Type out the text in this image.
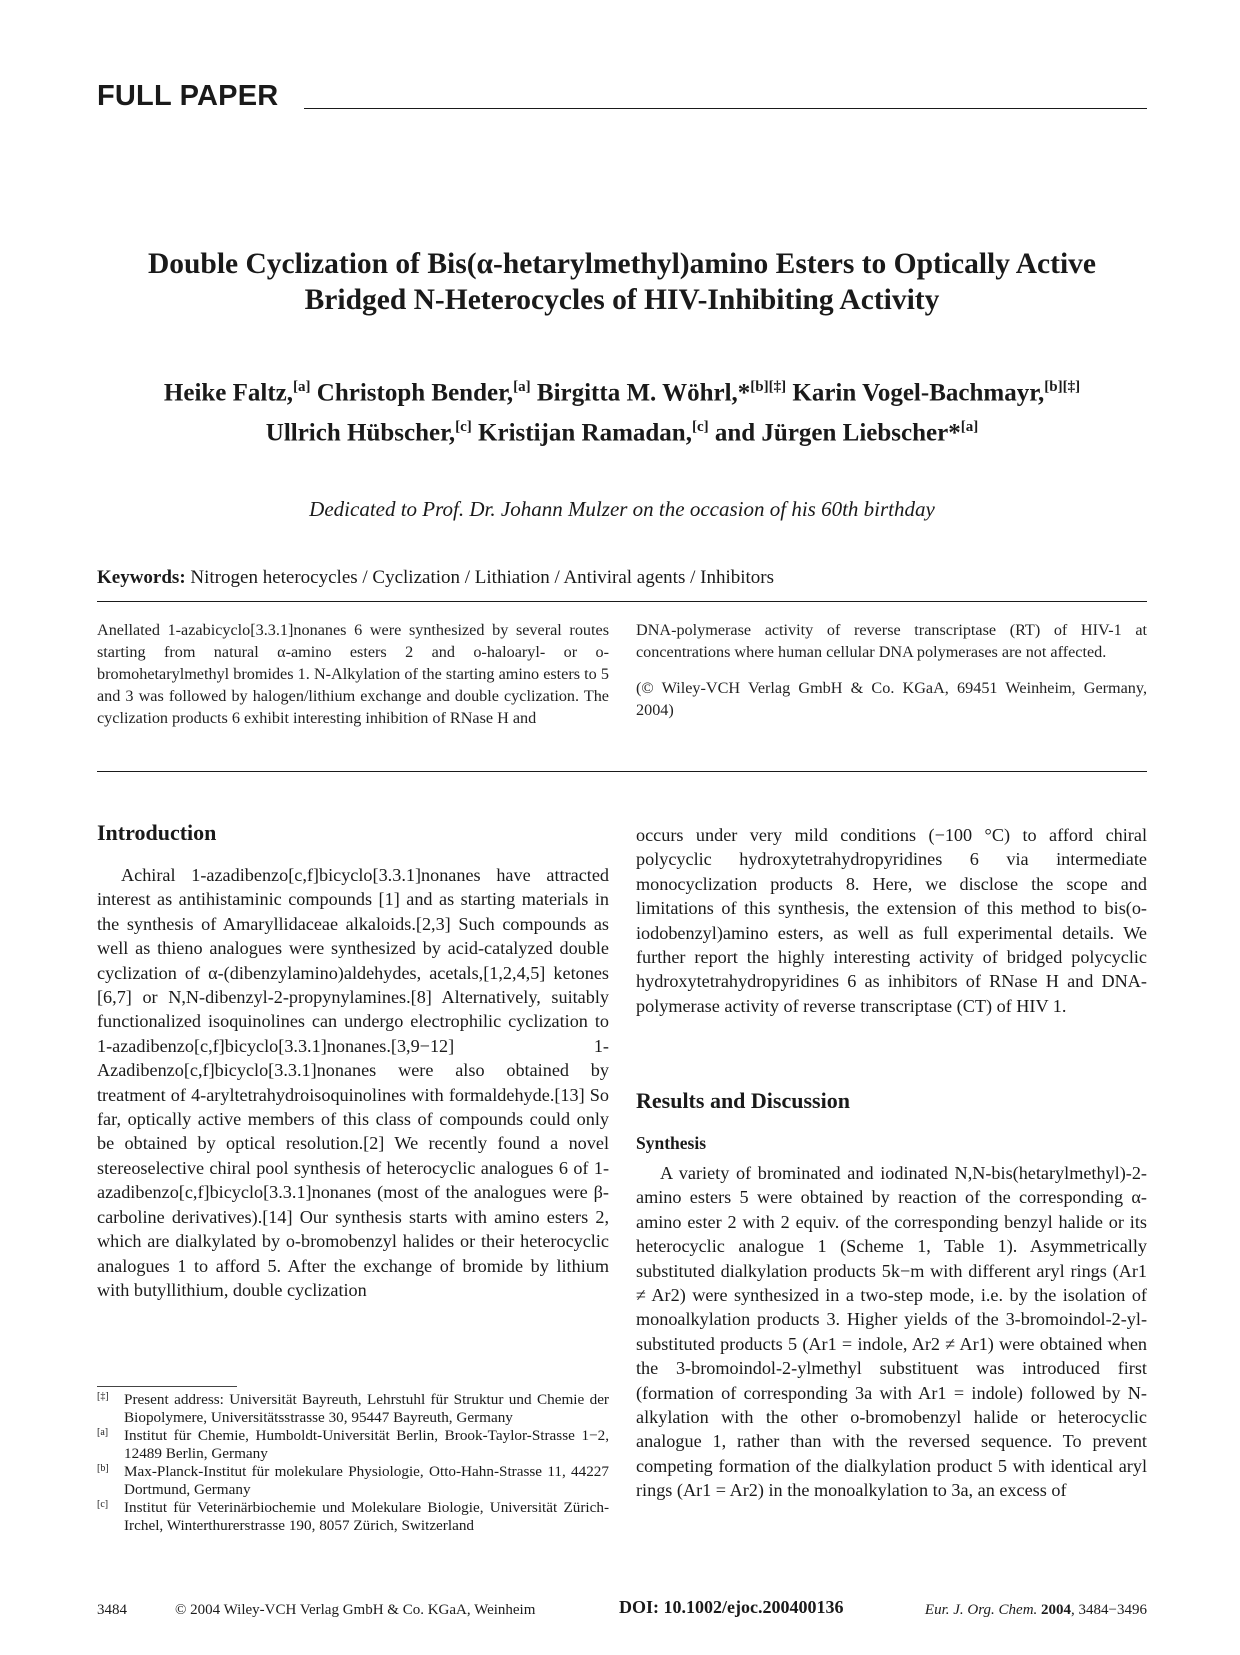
FULL PAPER
Double Cyclization of Bis(α-hetarylmethyl)amino Esters to Optically Active
Bridged N-Heterocycles of HIV-Inhibiting Activity
Heike Faltz,[a] Christoph Bender,[a] Birgitta M. Wöhrl,*[b][‡] Karin Vogel-Bachmayr,[b][‡]
Ullrich Hübscher,[c] Kristijan Ramadan,[c] and Jürgen Liebscher*[a]
Dedicated to Prof. Dr. Johann Mulzer on the occasion of his 60th birthday
Keywords: Nitrogen heterocycles / Cyclization / Lithiation / Antiviral agents / Inhibitors
Anellated 1-azabicyclo[3.3.1]nonanes 6 were synthesized by several routes starting from natural α-amino esters 2 and o-haloaryl- or o-bromohetarylmethyl bromides 1. N-Alkylation of the starting amino esters to 5 and 3 was followed by halogen/lithium exchange and double cyclization. The cyclization products 6 exhibit interesting inhibition of RNase H and
DNA-polymerase activity of reverse transcriptase (RT) of HIV-1 at concentrations where human cellular DNA polymerases are not affected.
(© Wiley-VCH Verlag GmbH & Co. KGaA, 69451 Weinheim, Germany, 2004)
Introduction

Achiral 1-azadibenzo[c,f]bicyclo[3.3.1]nonanes have attracted interest as antihistaminic compounds [1] and as starting materials in the synthesis of Amaryllidaceae alkaloids.[2,3] Such compounds as well as thieno analogues were synthesized by acid-catalyzed double cyclization of α-(dibenzylamino)aldehydes, acetals,[1,2,4,5] ketones [6,7] or N,N-dibenzyl-2-propynylamines.[8] Alternatively, suitably functionalized isoquinolines can undergo electrophilic cyclization to 1-azadibenzo[c,f]bicyclo[3.3.1]nonanes.[3,9−12] 1-Azadibenzo[c,f]bicyclo[3.3.1]nonanes were also obtained by treatment of 4-aryltetrahydroisoquinolines with formaldehyde.[13] So far, optically active members of this class of compounds could only be obtained by optical resolution.[2] We recently found a novel stereoselective chiral pool synthesis of heterocyclic analogues 6 of 1-azadibenzo[c,f]bicyclo[3.3.1]nonanes (most of the analogues were β-carboline derivatives).[14] Our synthesis starts with amino esters 2, which are dialkylated by o-bromobenzyl halides or their heterocyclic analogues 1 to afford 5. After the exchange of bromide by lithium with butyllithium, double cyclization

[‡] Present address: Universität Bayreuth, Lehrstuhl für Struktur und Chemie der Biopolymere, Universitätsstrasse 30, 95447 Bayreuth, Germany
[a] Institut für Chemie, Humboldt-Universität Berlin, Brook-Taylor-Strasse 1−2, 12489 Berlin, Germany
[b] Max-Planck-Institut für molekulare Physiologie, Otto-Hahn-Strasse 11, 44227 Dortmund, Germany
[c] Institut für Veterinärbiochemie und Molekulare Biologie, Universität Zürich-Irchel, Winterthurerstrasse 190, 8057 Zürich, Switzerland

occurs under very mild conditions (−100 °C) to afford chiral polycyclic hydroxytetrahydropyridines 6 via intermediate monocyclization products 8. Here, we disclose the scope and limitations of this synthesis, the extension of this method to bis(o-iodobenzyl)amino esters, as well as full experimental details. We further report the highly interesting activity of bridged polycyclic hydroxytetrahydropyridines 6 as inhibitors of RNase H and DNA-polymerase activity of reverse transcriptase (CT) of HIV 1.

Results and Discussion
Synthesis

A variety of brominated and iodinated N,N-bis(hetarylmethyl)-2-amino esters 5 were obtained by reaction of the corresponding α-amino ester 2 with 2 equiv. of the corresponding benzyl halide or its heterocyclic analogue 1 (Scheme 1, Table 1). Asymmetrically substituted dialkylation products 5k−m with different aryl rings (Ar1 ≠ Ar2) were synthesized in a two-step mode, i.e. by the isolation of monoalkylation products 3. Higher yields of the 3-bromoindol-2-yl-substituted products 5 (Ar1 = indole, Ar2 ≠ Ar1) were obtained when the 3-bromoindol-2-ylmethyl substituent was introduced first (formation of corresponding 3a with Ar1 = indole) followed by N-alkylation with the other o-bromobenzyl halide or heterocyclic analogue 1, rather than with the reversed sequence. To prevent competing formation of the dialkylation product 5 with identical aryl rings (Ar1 = Ar2) in the monoalkylation to 3a, an excess of

3484	© 2004 Wiley-VCH Verlag GmbH & Co. KGaA, Weinheim	DOI: 10.1002/ejoc.200400136	Eur. J. Org. Chem. 2004, 3484−3496
